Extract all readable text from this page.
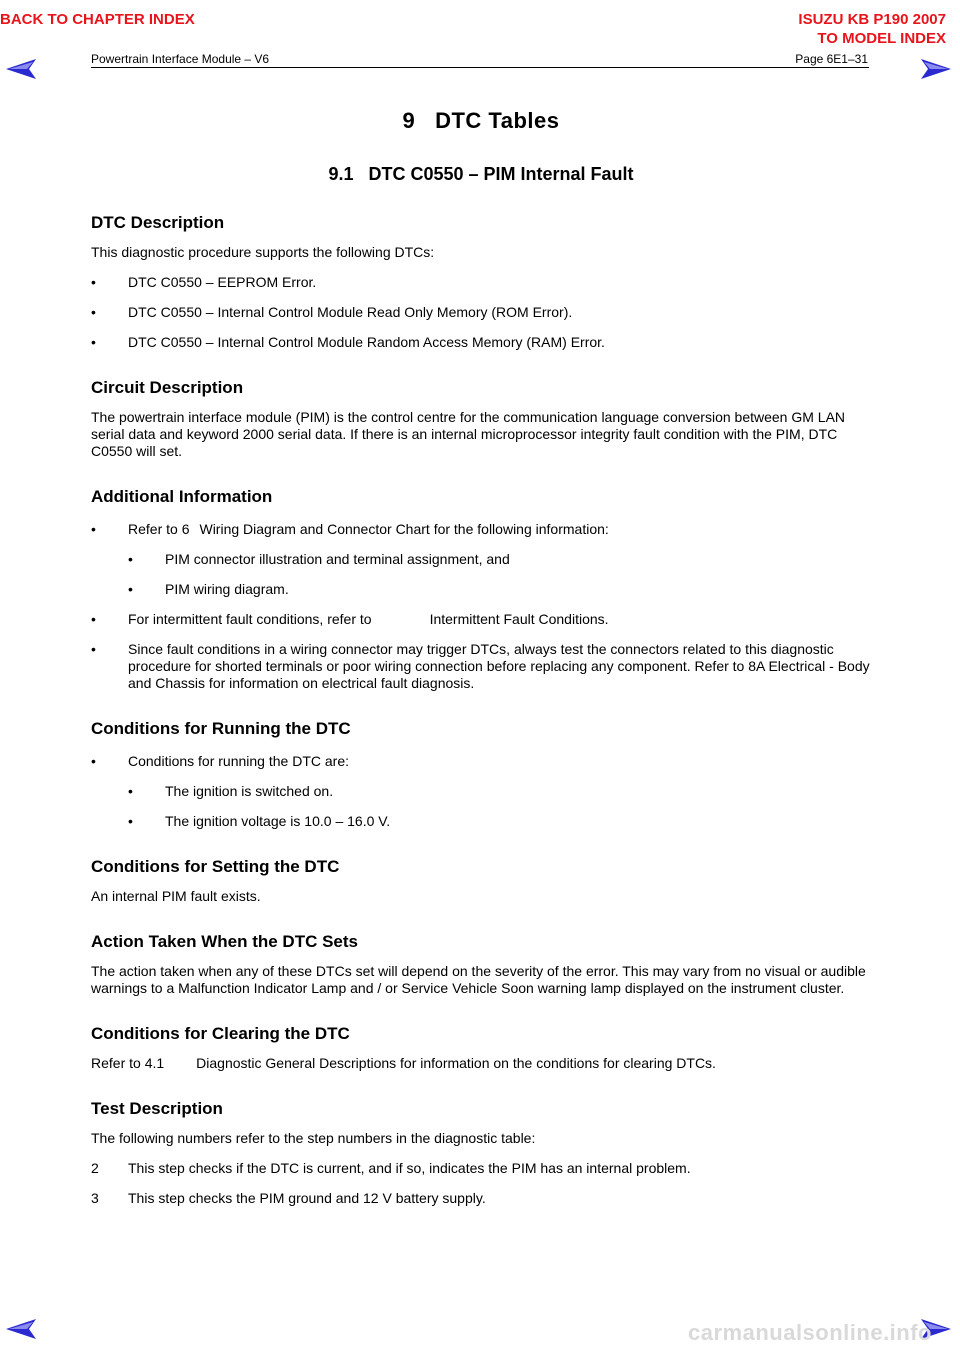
BACK TO CHAPTER INDEX	ISUZU KB P190 2007
TO MODEL INDEX
Powertrain Interface Module – V6	Page 6E1–31
9   DTC Tables
9.1   DTC C0550 – PIM Internal Fault
DTC Description

This diagnostic procedure supports the following DTCs:

• DTC C0550 – EEPROM Error.
• DTC C0550 – Internal Control Module Read Only Memory (ROM Error).
• DTC C0550 – Internal Control Module Random Access Memory (RAM) Error.
Circuit Description

The powertrain interface module (PIM) is the control centre for the communication language conversion between GM LAN serial data and keyword 2000 serial data. If there is an internal microprocessor integrity fault condition with the PIM, DTC C0550 will set.

Additional Information
• Refer to 6 Wiring Diagram and Connector Chart for the following information:
• PIM connector illustration and terminal assignment, and
• PIM wiring diagram.
• For intermittent fault conditions, refer to	Intermittent Fault Conditions.
• Since fault conditions in a wiring connector may trigger DTCs, always test the connectors related to this diagnostic procedure for shorted terminals or poor wiring connection before replacing any component. Refer to 8A Electrical - Body and Chassis for information on electrical fault diagnosis.
Conditions for Running the DTC
• Conditions for running the DTC are:
• The ignition is switched on.
• The ignition voltage is 10.0 – 16.0 V.
Conditions for Setting the DTC

An internal PIM fault exists.

Action Taken When the DTC Sets

The action taken when any of these DTCs set will depend on the severity of the error. This may vary from no visual or audible warnings to a Malfunction Indicator Lamp and / or Service Vehicle Soon warning lamp displayed on the instrument cluster.

Conditions for Clearing the DTC

Refer to 4.1 Diagnostic General Descriptions for information on the conditions for clearing DTCs.

Test Description

The following numbers refer to the step numbers in the diagnostic table:

2 This step checks if the DTC is current, and if so, indicates the PIM has an internal problem.
3 This step checks the PIM ground and 12 V battery supply.
carmanualsonline.info
